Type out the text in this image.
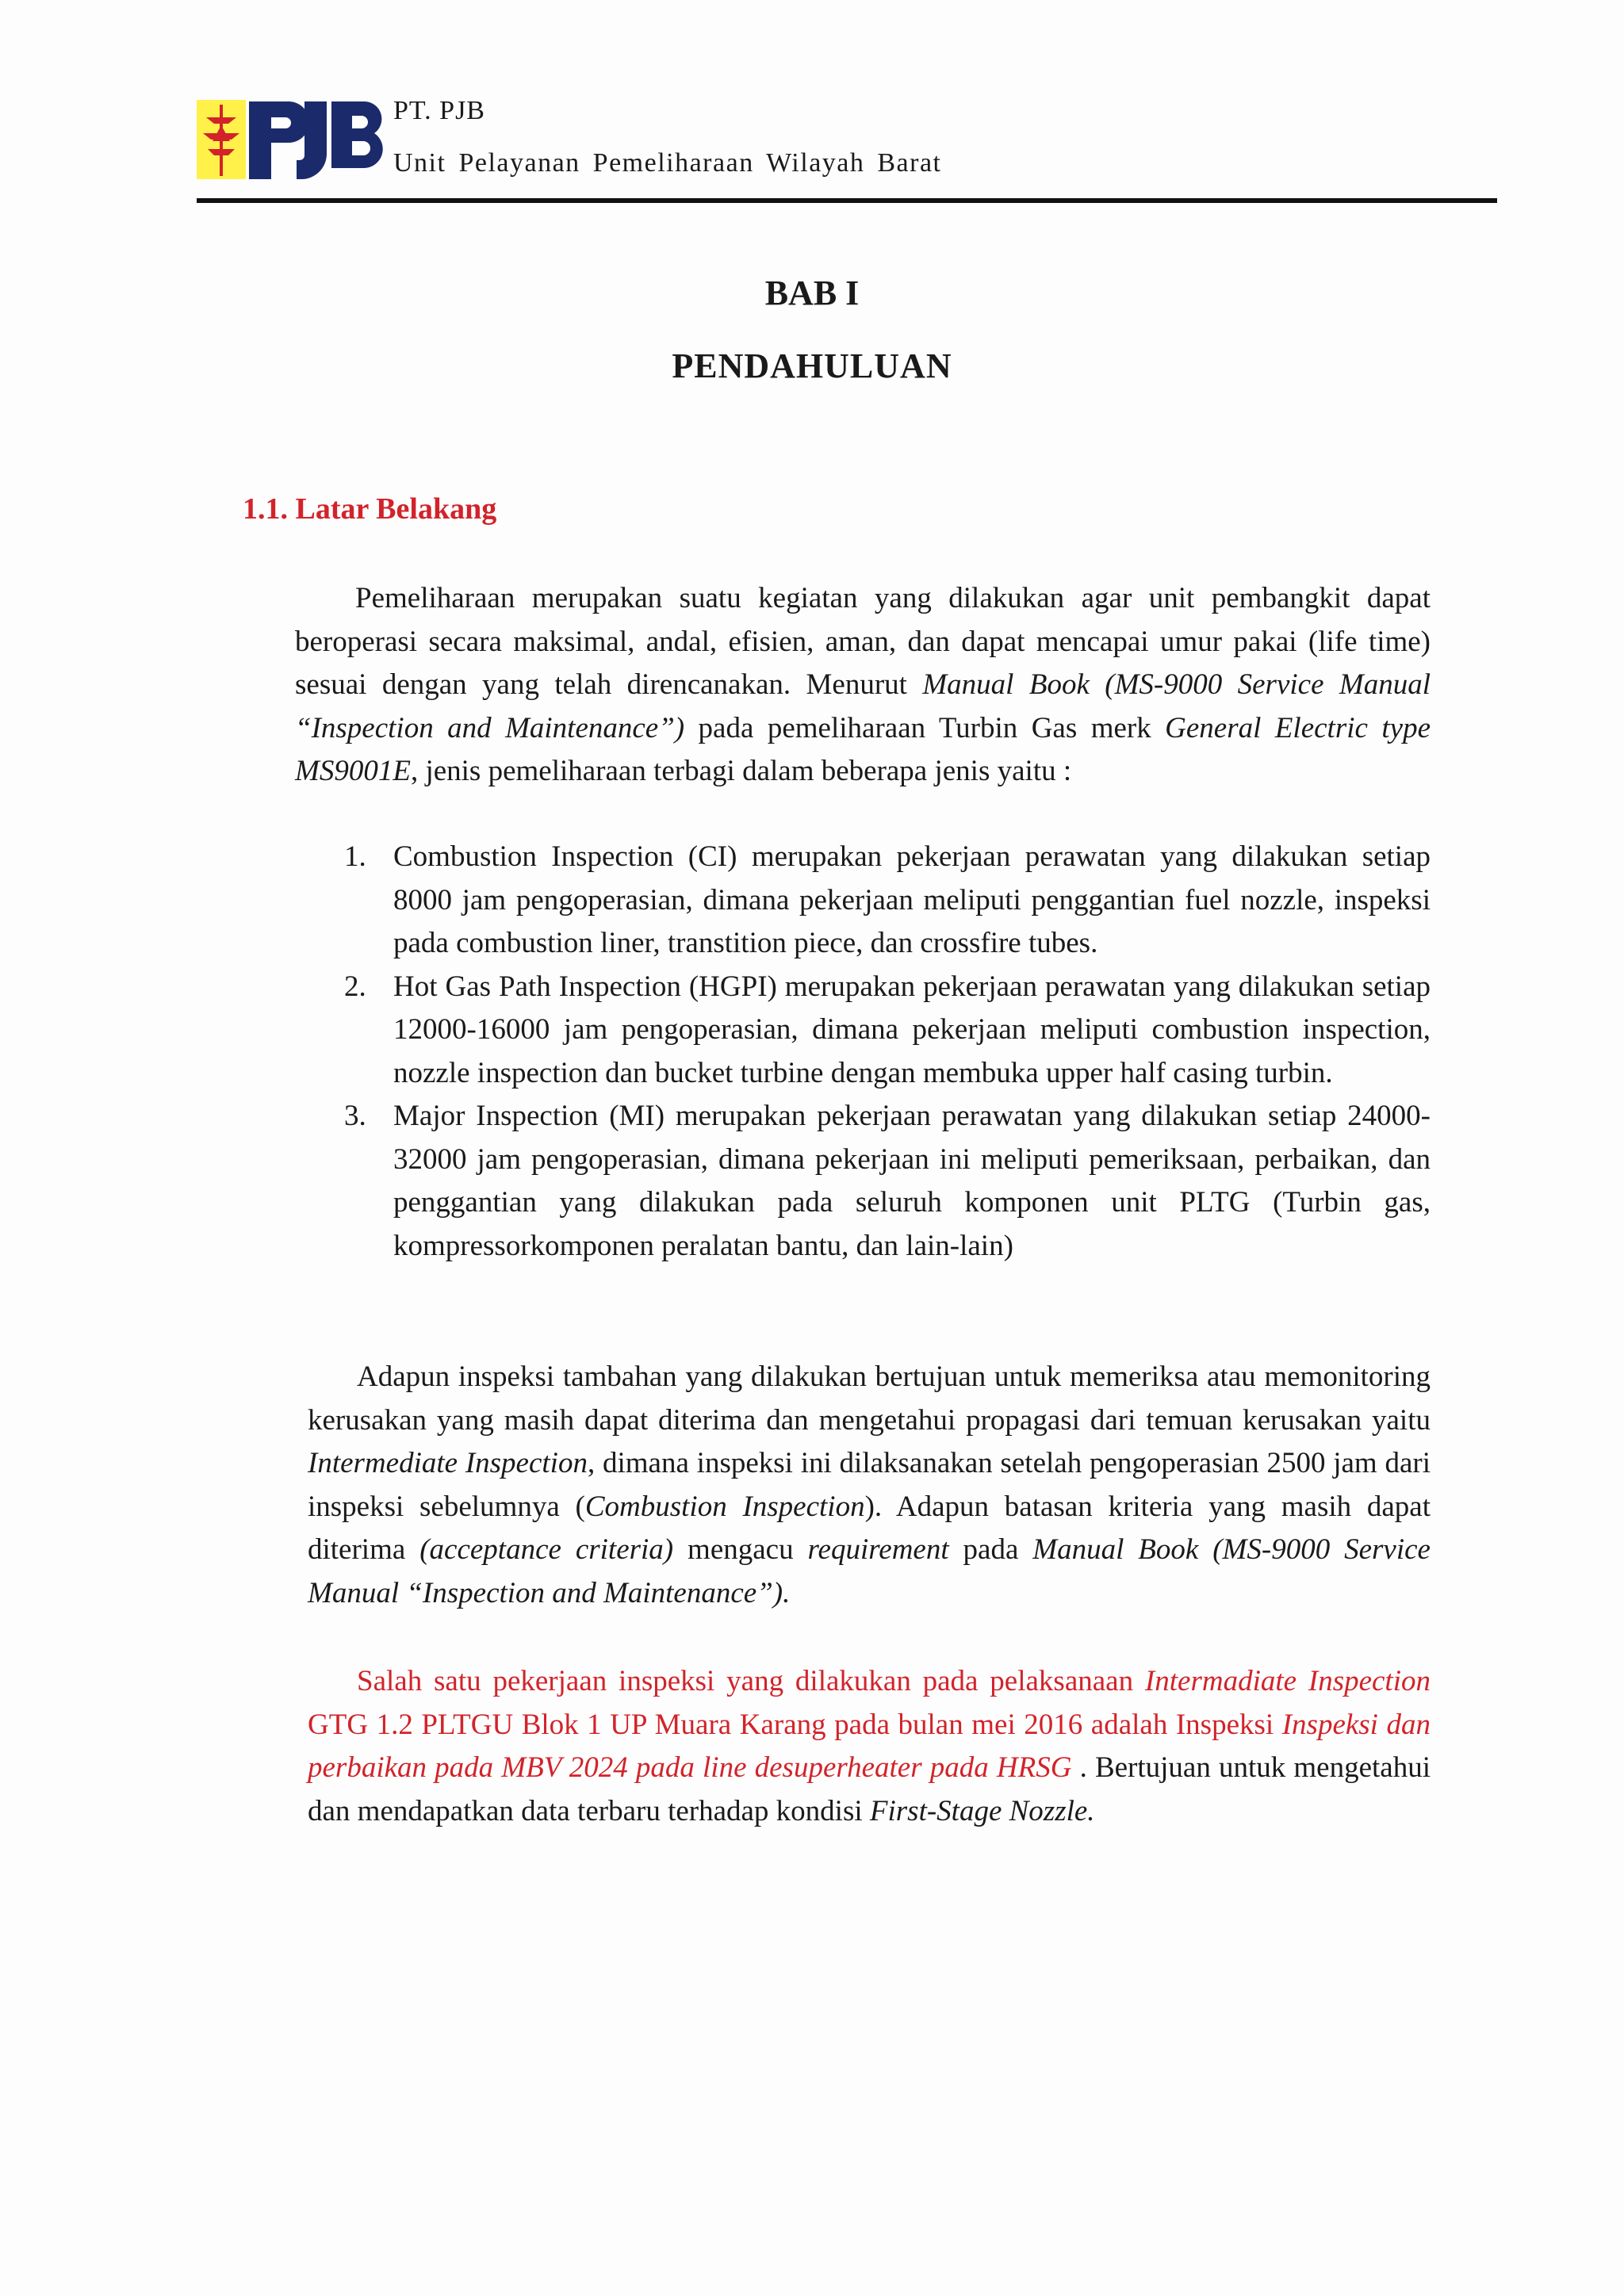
PT. PJB
Unit Pelayanan Pemeliharaan Wilayah Barat
BAB I
PENDAHULUAN
1.1. Latar Belakang
Pemeliharaan merupakan suatu kegiatan yang dilakukan agar unit pembangkit dapat beroperasi secara maksimal, andal, efisien, aman, dan dapat mencapai umur pakai (life time) sesuai dengan yang telah direncanakan. Menurut Manual Book (MS-9000 Service Manual “Inspection and Maintenance”) pada pemeliharaan Turbin Gas merk General Electric type MS9001E, jenis pemeliharaan terbagi dalam beberapa jenis yaitu :
1. Combustion Inspection (CI) merupakan pekerjaan perawatan yang dilakukan setiap 8000 jam pengoperasian, dimana pekerjaan meliputi penggantian fuel nozzle, inspeksi pada combustion liner, transtition piece, dan crossfire tubes.
2. Hot Gas Path Inspection (HGPI) merupakan pekerjaan perawatan yang dilakukan setiap 12000-16000 jam pengoperasian, dimana pekerjaan meliputi combustion inspection, nozzle inspection dan bucket turbine dengan membuka upper half casing turbin.
3. Major Inspection (MI) merupakan pekerjaan perawatan yang dilakukan setiap 24000-32000 jam pengoperasian, dimana pekerjaan ini meliputi pemeriksaan, perbaikan, dan penggantian yang dilakukan pada seluruh komponen unit PLTG (Turbin gas, kompressorkomponen peralatan bantu, dan lain-lain)
Adapun inspeksi tambahan yang dilakukan bertujuan untuk memeriksa atau memonitoring kerusakan yang masih dapat diterima dan mengetahui propagasi dari temuan kerusakan yaitu Intermediate Inspection, dimana inspeksi ini dilaksanakan setelah pengoperasian 2500 jam dari inspeksi sebelumnya (Combustion Inspection). Adapun batasan kriteria yang masih dapat diterima (acceptance criteria) mengacu requirement pada Manual Book (MS-9000 Service Manual “Inspection and Maintenance”).
Salah satu pekerjaan inspeksi yang dilakukan pada pelaksanaan Intermadiate Inspection GTG 1.2 PLTGU Blok 1 UP Muara Karang pada bulan mei 2016 adalah Inspeksi Inspeksi dan perbaikan pada MBV 2024 pada line desuperheater pada HRSG . Bertujuan untuk mengetahui dan mendapatkan data terbaru terhadap kondisi First-Stage Nozzle.
